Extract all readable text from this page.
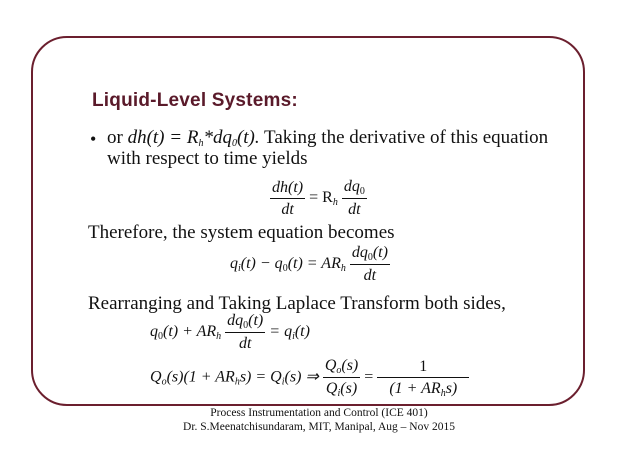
Liquid-Level Systems:
• or $dh(t) = R_h*dq_0(t)$. Taking the derivative of this equation
with respect to time yields
$\frac{dh(t)}{dt} = R_h \frac{dq_0}{dt}$
Therefore, the system equation becomes
$q_i(t) - q_0(t) = AR_h \frac{dq_0(t)}{dt}$
Rearranging and Taking Laplace Transform both sides,
$q_0(t) + AR_h \frac{dq_0(t)}{dt} = q_i(t)$
$Q_o(s)(1 + AR_hs) = Q_i(s)$ ⇒ $\frac{Q_o(s)}{Q_i(s)} = \frac{1}{(1 + AR_hs)}$
Process Instrumentation and Control (ICE 401)
Dr. S.Meenatchisundaram, MIT, Manipal, Aug – Nov 2015
